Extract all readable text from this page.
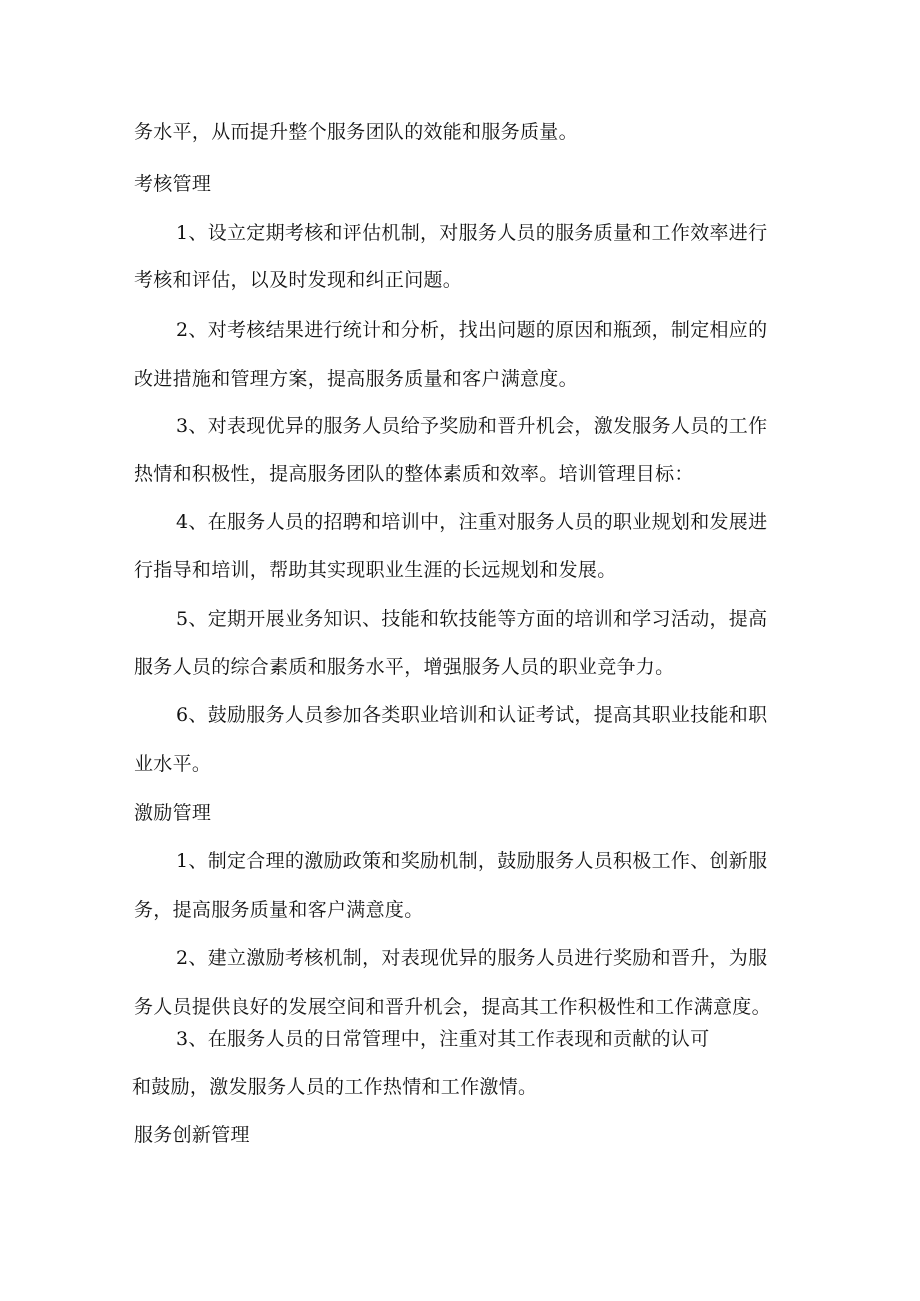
务水平，从而提升整个服务团队的效能和服务质量。
考核管理
1、设立定期考核和评估机制，对服务人员的服务质量和工作效率进行
考核和评估，以及时发现和纠正问题。
2、对考核结果进行统计和分析，找出问题的原因和瓶颈，制定相应的
改进措施和管理方案，提高服务质量和客户满意度。
3、对表现优异的服务人员给予奖励和晋升机会，激发服务人员的工作
热情和积极性，提高服务团队的整体素质和效率。培训管理目标：
4、在服务人员的招聘和培训中，注重对服务人员的职业规划和发展进
行指导和培训，帮助其实现职业生涯的长远规划和发展。
5、定期开展业务知识、技能和软技能等方面的培训和学习活动，提高
服务人员的综合素质和服务水平，增强服务人员的职业竞争力。
6、鼓励服务人员参加各类职业培训和认证考试，提高其职业技能和职
业水平。
激励管理
1、制定合理的激励政策和奖励机制，鼓励服务人员积极工作、创新服
务，提高服务质量和客户满意度。
2、建立激励考核机制，对表现优异的服务人员进行奖励和晋升，为服
务人员提供良好的发展空间和晋升机会，提高其工作积极性和工作满意度。
3、在服务人员的日常管理中，注重对其工作表现和贡献的认可
和鼓励，激发服务人员的工作热情和工作激情。
服务创新管理
